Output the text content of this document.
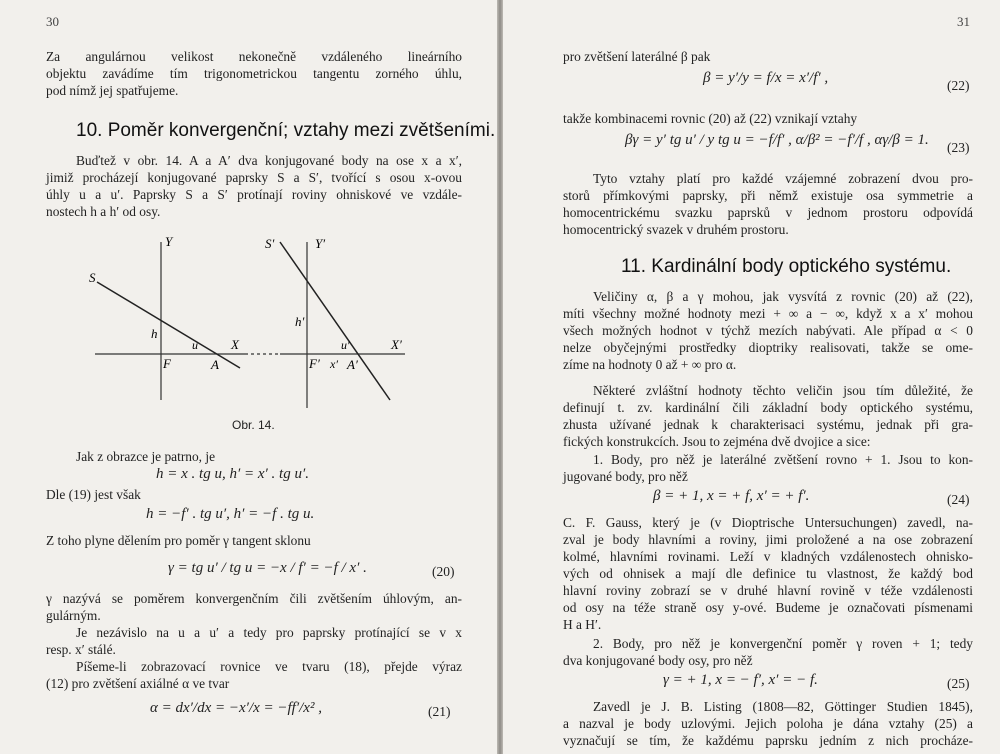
30
Za angulárnou velikost nekonečně vzdáleného lineárního
objektu zavádíme tím trigonometrickou tangentu zorného úhlu,
pod nímž jej spatřujeme.
10. Poměr konvergenční; vztahy mezi zvětšeními.
Buďtež v obr. 14. A a A′ dva konjugované body na ose x a x′,
jimiž procházejí konjugované paprsky S a S′, tvořící s osou x-ovou
úhly u a u′. Paprsky S a S′ protínají roviny ohniskové ve vzdále-
nostech h a h′ od osy.
Y
S
h
u	X
F	A
S′	Y′
h′
u′	X′
F′ x′ A′
Obr. 14.
Jak z obrazce je patrno, je
h = x . tg u, h′ = x′ . tg u′.
Dle (19) jest však
h = −f′ . tg u′, h′ = −f . tg u.
Z toho plyne dělením pro poměr γ tangent sklonu
γ = tg u′ / tg u = −x / f′ = −f / x′ .	(20)
γ nazývá se poměrem konvergenčním čili zvětšením úhlovým, an-
gulárným.
Je nezávislo na u a u′ a tedy pro paprsky protínající se v x
resp. x′ stálé.
Píšeme-li zobrazovací rovnice ve tvaru (18), přejde výraz
(12) pro zvětšení axiálné α ve tvar
α = dx′/dx = −x′/x = −ff′/x² ,	(21)
31
pro zvětšení laterálné β pak
β = y′/y = f/x = x′/f′ ,	(22)
takže kombinacemi rovnic (20) až (22) vznikají vztahy
βγ = y′ tg u′ / y tg u = −f/f′ , α/β² = −f′/f , αγ/β = 1. (23)
Tyto vztahy platí pro každé vzájemné zobrazení dvou pro-
storů přímkovými paprsky, při němž existuje osa symmetrie a
homocentrickému svazku paprsků v jednom prostoru odpovídá
homocentrický svazek v druhém prostoru.
11. Kardinální body optického systému.
Veličiny α, β a γ mohou, jak vysvítá z rovnic (20) až (22),
míti všechny možné hodnoty mezi + ∞ a − ∞, když x a x′ mohou
všech možných hodnot v týchž mezích nabývati. Ale případ α < 0
nelze obyčejnými prostředky dioptriky realisovati, takže se ome-
zíme na hodnoty 0 až + ∞ pro α.
Některé zvláštní hodnoty těchto veličin jsou tím důležité, že
definují t. zv. kardinální čili základní body optického systému,
zhusta užívané jednak k charakterisaci systému, jednak při gra-
fických konstrukcích. Jsou to zejména dvě dvojice a sice:
1. Body, pro něž je laterálné zvětšení rovno + 1. Jsou to kon-
jugované body, pro něž
β = + 1, x = + f, x′ = + f′.	(24)
C. F. Gauss, který je (v Dioptrische Untersuchungen) zavedl, na-
zval je body hlavními a roviny, jimi proložené a na ose zobrazení
kolmé, hlavními rovinami. Leží v kladných vzdálenostech ohnisko-
vých od ohnisek a mají dle definice tu vlastnost, že každý bod
hlavní roviny zobrazí se v druhé hlavní rovině v téže vzdálenosti
od osy na téže straně osy y-ové. Budeme je označovati písmenami
H a H′.
2. Body, pro něž je konvergenční poměr γ roven + 1; tedy
dva konjugované body osy, pro něž
γ = + 1, x = − f′, x′ = − f.	(25)
Zavedl je J. B. Listing (1808—82, Göttinger Studien 1845),
a nazval je body uzlovými. Jejich poloha je dána vztahy (25) a
vyznačují se tím, že každému paprsku jedním z nich procháze-
